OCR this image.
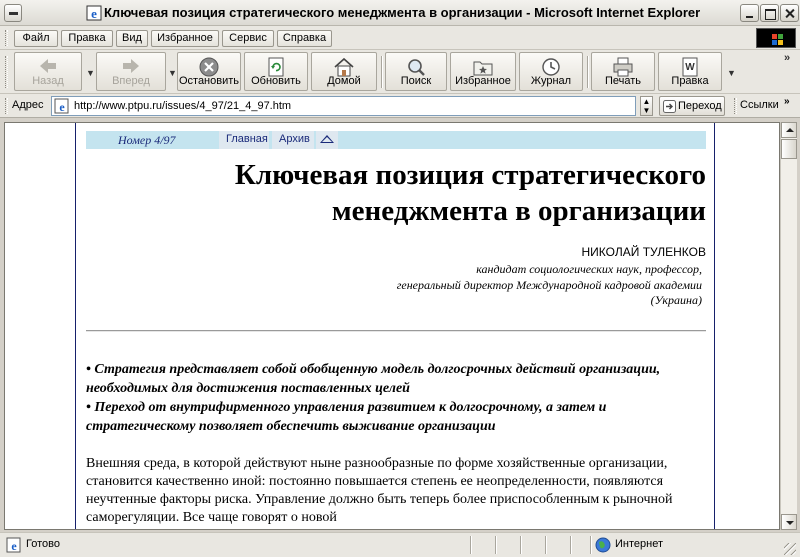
e Ключевая позиция стратегического менеджмента в организации - Microsoft Internet Explorer
Файл	Правка	Вид	Избранное	Сервис	Справка
Назад
▼
Вперед
▼
Остановить	Обновить	Домой	Поиск	Избранное	Журнал	Печать
W
Правка
▼
»
Адрес
http://www.ptpu.ru/issues/4_97/21_4_97.htm e	▲
▼	Переход Ссылки »
Номер 4/97	Главная Архив
Ключевая позиция стратегического
менеджмента в организации
НИКОЛАЙ ТУЛЕНКОВ
кандидат социологических наук, профессор,
генеральный директор Международной кадровой академии
(Украина)
• Стратегия представляет собой обобщенную модель долгосрочных действий организации, необходимых для достижения поставленных целей
• Переход от внутрифирменного управления развитием к долгосрочному, а затем и стратегическому позволяет обеспечить выживание организации
Внешняя среда, в которой действуют ныне разнообразные по форме хозяйственные организации, становится качественно иной: постоянно повышается степень ее неопределенности, появляются неучтенные факторы риска. Управление должно быть теперь более приспособленным к рыночной саморегуляции. Все чаще говорят о новой
e Готово	Интернет
